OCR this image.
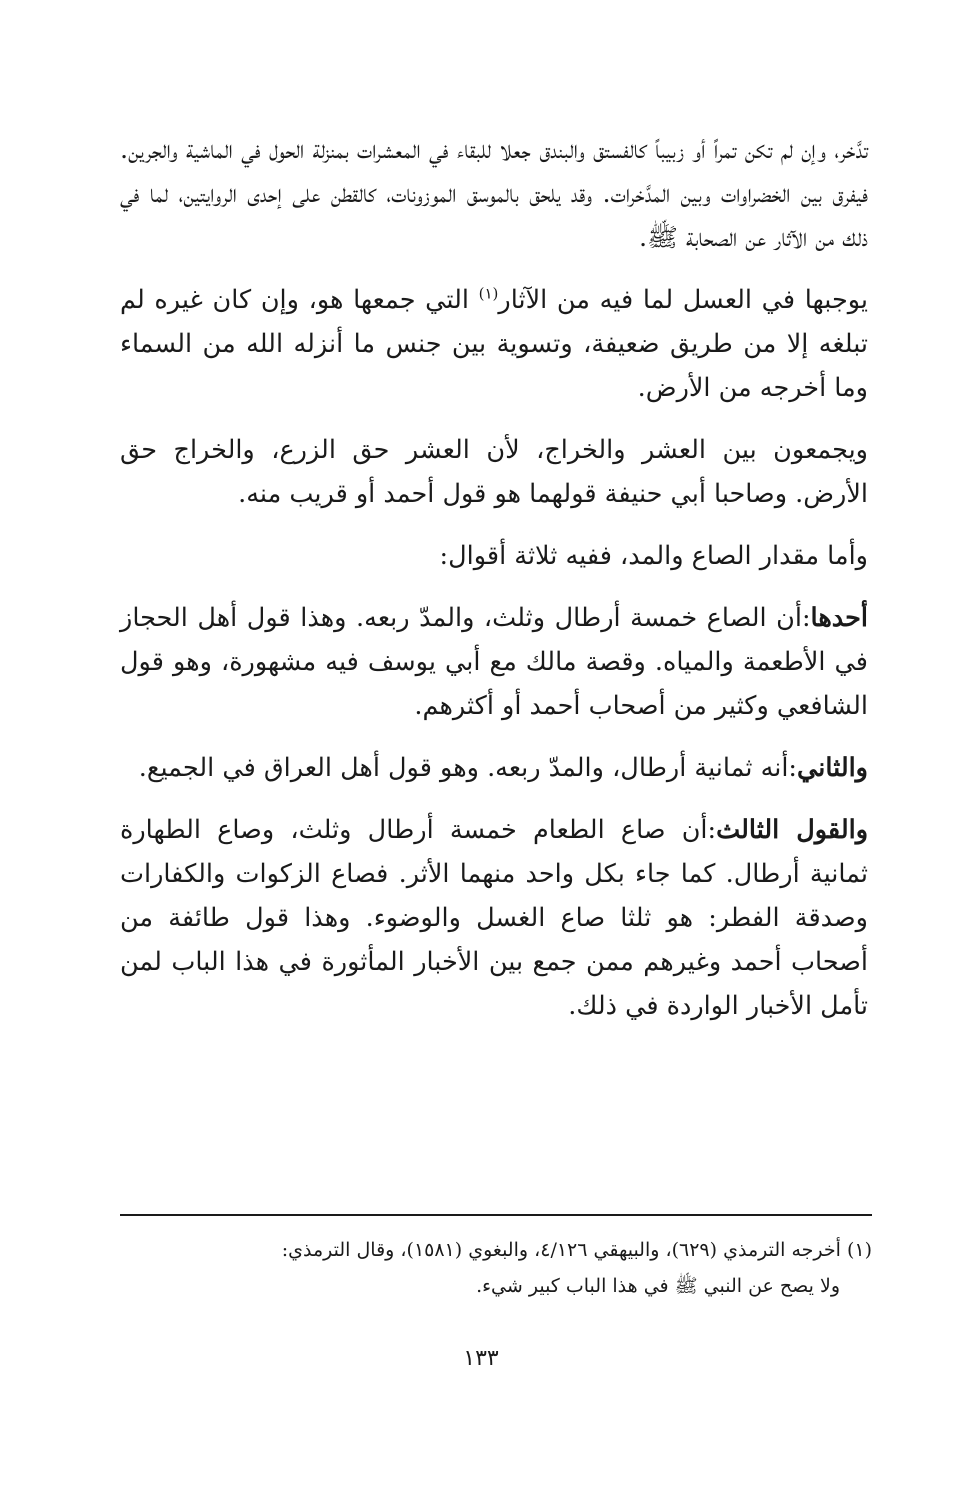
تدَّخر، وإن لم تكن تمراً أو زبيباً كالفستق والبندق جعلا للبقاء في المعشرات بمنزلة الحول في الماشية والجرين. فيفرق بين الخضراوات وبين المدَّخرات. وقد يلحق بالموسق الموزونات، كالقطن على إحدى الروايتين، لما في ذلك من الآثار عن الصحابة ﷺ.

يوجبها في العسل لما فيه من الآثار$^{(١)}$ التي جمعها هو، وإن كان غيره لم تبلغه إلا من طريق ضعيفة، وتسوية بين جنس ما أنزله الله من السماء وما أخرجه من الأرض.

ويجمعون بين العشر والخراج، لأن العشر حق الزرع، والخراج حق الأرض. وصاحبا أبي حنيفة قولهما هو قول أحمد أو قريب منه.

وأما مقدار الصاع والمد، ففيه ثلاثة أقوال:

أحدها:أن الصاع خمسة أرطال وثلث، والمدّ ربعه. وهذا قول أهل الحجاز في الأطعمة والمياه. وقصة مالك مع أبي يوسف فيه مشهورة، وهو قول الشافعي وكثير من أصحاب أحمد أو أكثرهم.

والثاني:أنه ثمانية أرطال، والمدّ ربعه. وهو قول أهل العراق في الجميع.

والقول الثالث:أن صاع الطعام خمسة أرطال وثلث، وصاع الطهارة ثمانية أرطال. كما جاء بكل واحد منهما الأثر. فصاع الزكوات والكفارات وصدقة الفطر: هو ثلثا صاع الغسل والوضوء. وهذا قول طائفة من أصحاب أحمد وغيرهم ممن جمع بين الأخبار المأثورة في هذا الباب لمن تأمل الأخبار الواردة في ذلك.

(١) أخرجه الترمذي (٦٢٩)، والبيهقي ٤/١٢٦، والبغوي (١٥٨١)، وقال الترمذي:
ولا يصح عن النبي ﷺ في هذا الباب كبير شيء.
١٣٣
